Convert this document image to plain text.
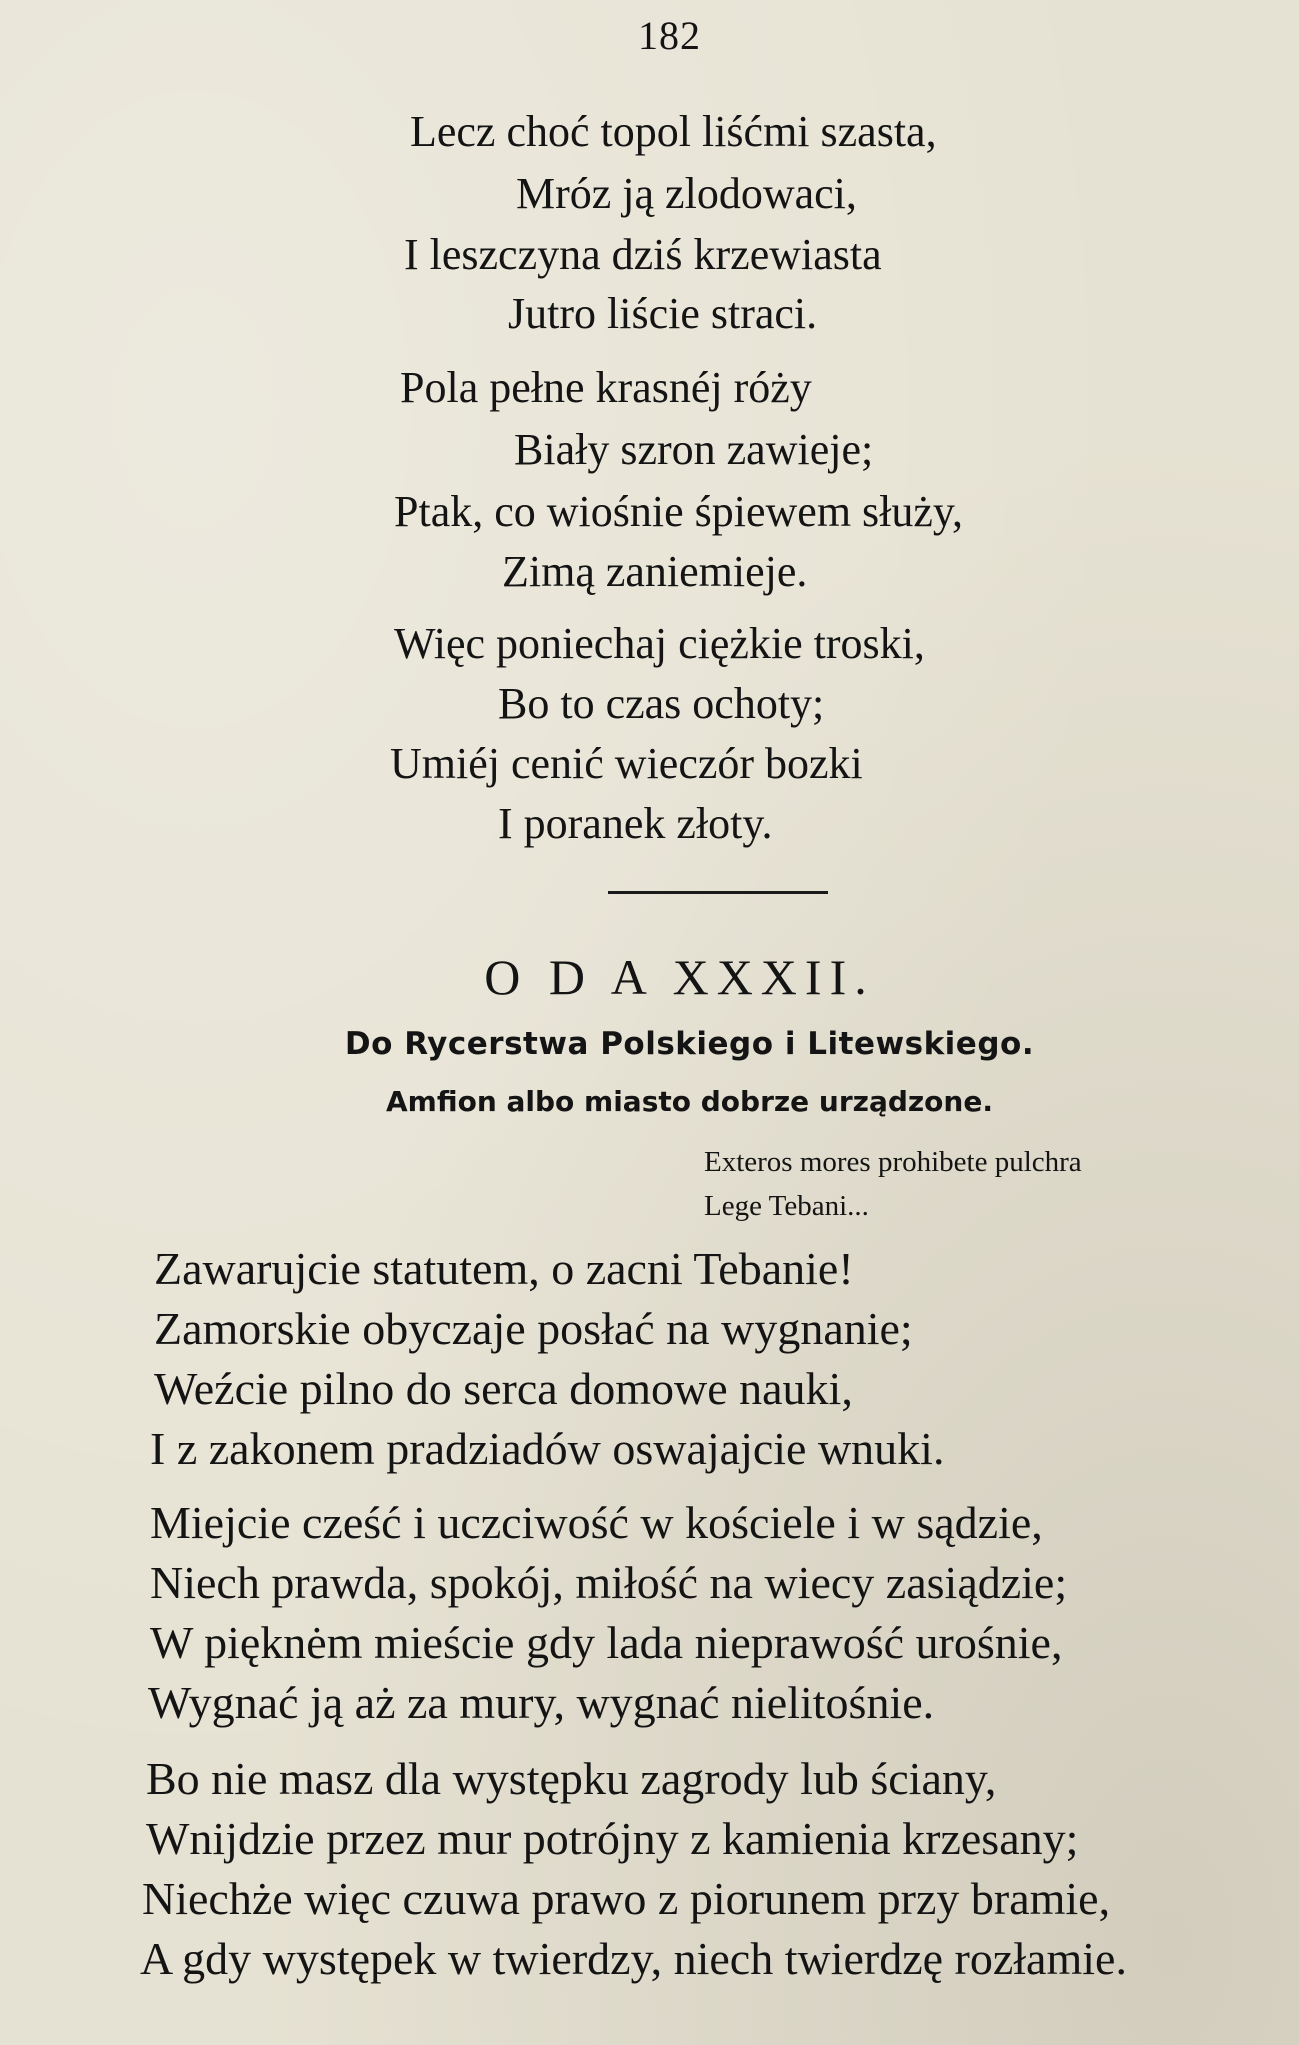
182
Lecz choć topol liśćmi szasta,
Mróz ją zlodowaci,
I leszczyna dziś krzewiasta
Jutro liście straci.
Pola pełne krasnéj róży
Biały szron zawieje;
Ptak, co wiośnie śpiewem służy,
Zimą zaniemieje.
Więc poniechaj ciężkie troski,
Bo to czas ochoty;
Umiéj cenić wieczór bozki
I poranek złoty.
O D A XXXII.
Do Rycerstwa Polskiego i Litewskiego.
Amfion albo miasto dobrze urządzone.
Exteros mores prohibete pulchra
Lege Tebani...
Zawarujcie statutem, o zacni Tebanie!
Zamorskie obyczaje posłać na wygnanie;
Weźcie pilno do serca domowe nauki,
I z zakonem pradziadów oswajajcie wnuki.
Miejcie cześć i uczciwość w kościele i w sądzie,
Niech prawda, spokój, miłość na wiecy zasiądzie;
W pięknėm mieście gdy lada nieprawość urośnie,
Wygnać ją aż za mury, wygnać nielitośnie.
Bo nie masz dla występku zagrody lub ściany,
Wnijdzie przez mur potrójny z kamienia krzesany;
Niechże więc czuwa prawo z piorunem przy bramie,
A gdy występek w twierdzy, niech twierdzę rozłamie.
